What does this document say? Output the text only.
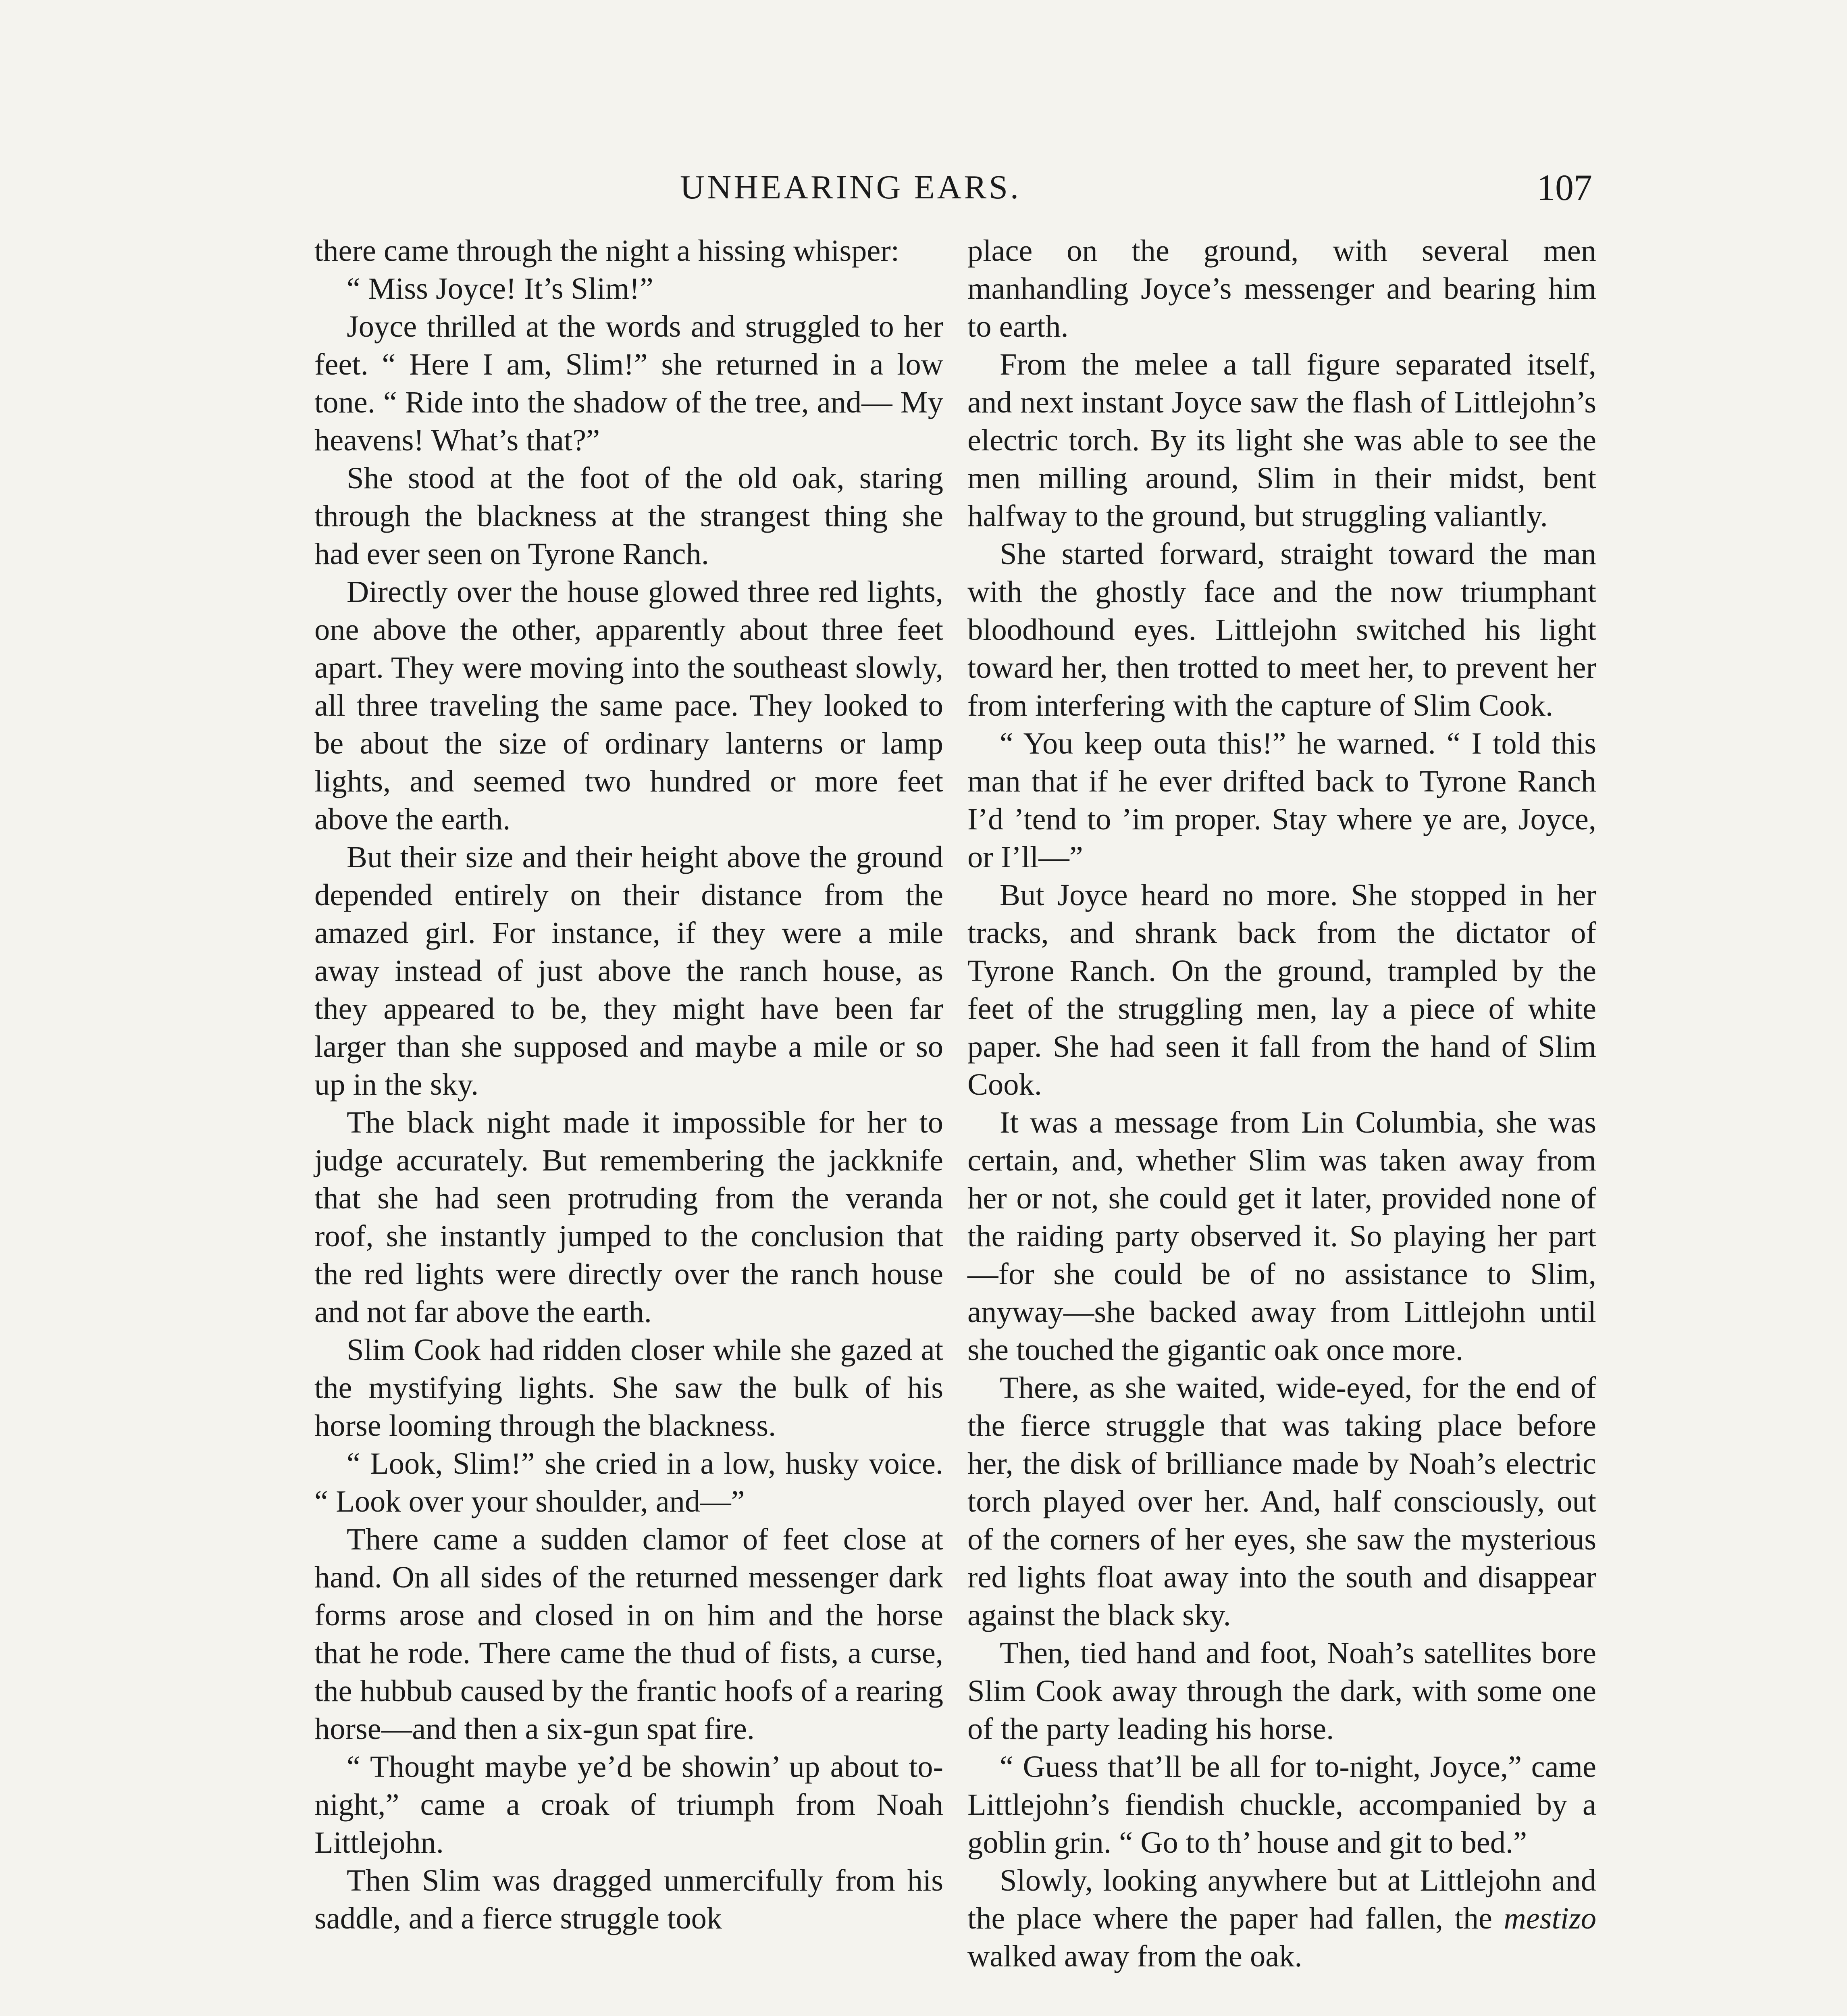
UNHEARING EARS.	107

there came through the night a hissing whisper:

“ Miss Joyce! It’s Slim!”

Joyce thrilled at the words and struggled to her feet. “ Here I am, Slim!” she returned in a low tone. “ Ride into the shadow of the tree, and— My heavens! What’s that?”

She stood at the foot of the old oak, staring through the blackness at the strangest thing she had ever seen on Tyrone Ranch.

Directly over the house glowed three red lights, one above the other, apparently about three feet apart. They were moving into the southeast slowly, all three traveling the same pace. They looked to be about the size of ordinary lanterns or lamp lights, and seemed two hundred or more feet above the earth.

But their size and their height above the ground depended entirely on their distance from the amazed girl. For instance, if they were a mile away instead of just above the ranch house, as they appeared to be, they might have been far larger than she supposed and maybe a mile or so up in the sky.

The black night made it impossible for her to judge accurately. But remembering the jackknife that she had seen protruding from the veranda roof, she instantly jumped to the conclusion that the red lights were directly over the ranch house and not far above the earth.

Slim Cook had ridden closer while she gazed at the mystifying lights. She saw the bulk of his horse looming through the blackness.

“ Look, Slim!” she cried in a low, husky voice. “ Look over your shoulder, and—”

There came a sudden clamor of feet close at hand. On all sides of the returned messenger dark forms arose and closed in on him and the horse that he rode. There came the thud of fists, a curse, the hubbub caused by the frantic hoofs of a rearing horse—and then a six-gun spat fire.

“ Thought maybe ye’d be showin’ up about to-night,” came a croak of triumph from Noah Littlejohn.

Then Slim was dragged unmercifully from his saddle, and a fierce struggle took

place on the ground, with several men manhandling Joyce’s messenger and bearing him to earth.

From the melee a tall figure separated itself, and next instant Joyce saw the flash of Littlejohn’s electric torch. By its light she was able to see the men milling around, Slim in their midst, bent halfway to the ground, but struggling valiantly.

She started forward, straight toward the man with the ghostly face and the now triumphant bloodhound eyes. Littlejohn switched his light toward her, then trotted to meet her, to prevent her from interfering with the capture of Slim Cook.

“ You keep outa this!” he warned. “ I told this man that if he ever drifted back to Tyrone Ranch I’d ’tend to ’im proper. Stay where ye are, Joyce, or I’ll—”

But Joyce heard no more. She stopped in her tracks, and shrank back from the dictator of Tyrone Ranch. On the ground, trampled by the feet of the struggling men, lay a piece of white paper. She had seen it fall from the hand of Slim Cook.

It was a message from Lin Columbia, she was certain, and, whether Slim was taken away from her or not, she could get it later, provided none of the raiding party observed it. So playing her part—for she could be of no assistance to Slim, anyway—she backed away from Littlejohn until she touched the gigantic oak once more.

There, as she waited, wide-eyed, for the end of the fierce struggle that was taking place before her, the disk of brilliance made by Noah’s electric torch played over her. And, half consciously, out of the corners of her eyes, she saw the mysterious red lights float away into the south and disappear against the black sky.

Then, tied hand and foot, Noah’s satellites bore Slim Cook away through the dark, with some one of the party leading his horse.

“ Guess that’ll be all for to-night, Joyce,” came Littlejohn’s fiendish chuckle, accompanied by a goblin grin. “ Go to th’ house and git to bed.”

Slowly, looking anywhere but at Littlejohn and the place where the paper had fallen, the mestizo walked away from the oak.
